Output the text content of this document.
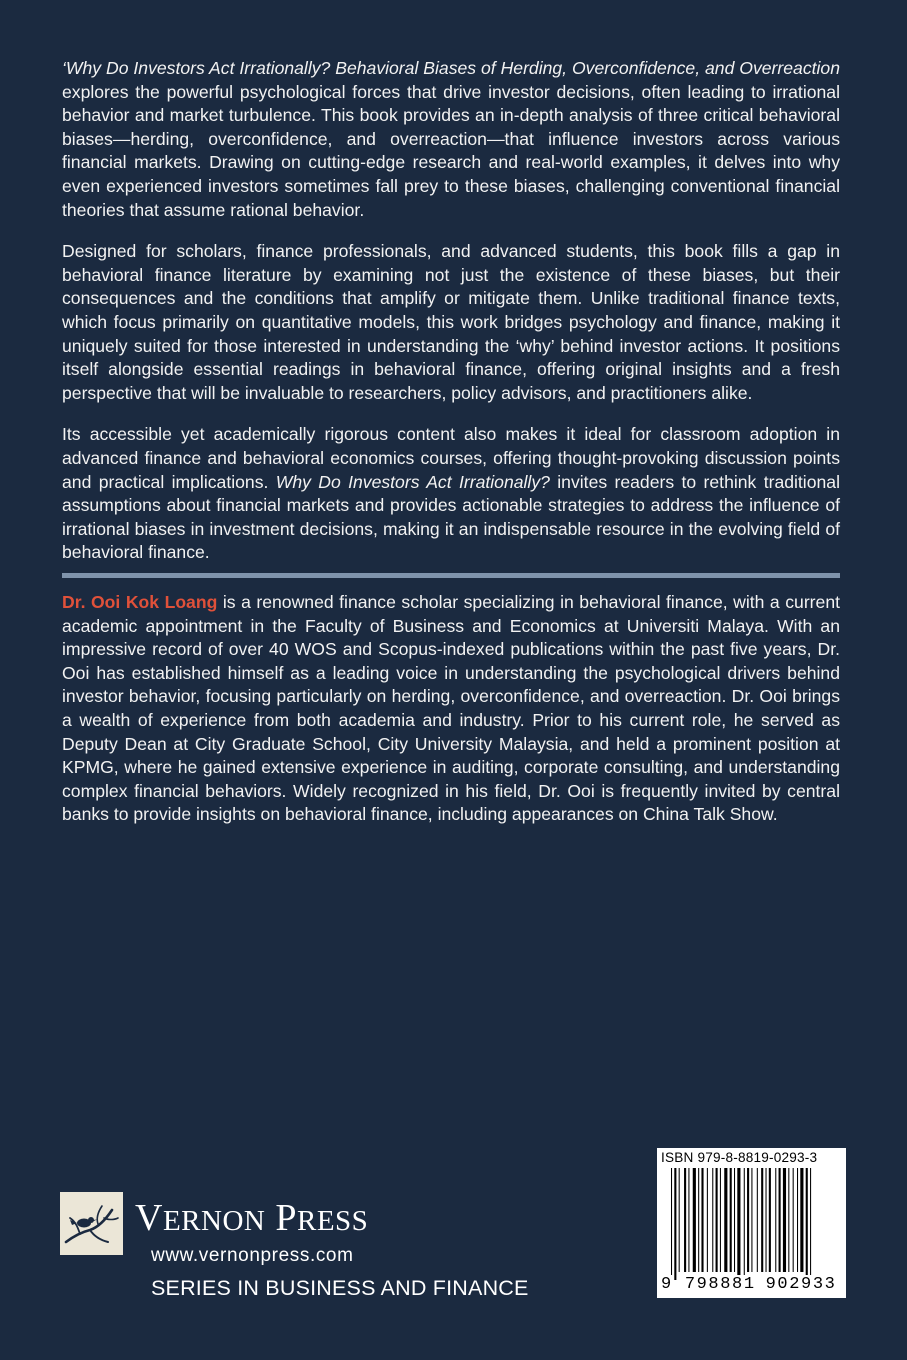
‘Why Do Investors Act Irrationally? Behavioral Biases of Herding, Overconfidence, and Overreaction explores the powerful psychological forces that drive investor decisions, often leading to irrational behavior and market turbulence. This book provides an in-depth analysis of three critical behavioral biases—herding, overconfidence, and overreaction—that influence investors across various financial markets. Drawing on cutting-edge research and real-world examples, it delves into why even experienced investors sometimes fall prey to these biases, challenging conventional financial theories that assume rational behavior.

Designed for scholars, finance professionals, and advanced students, this book fills a gap in behavioral finance literature by examining not just the existence of these biases, but their consequences and the conditions that amplify or mitigate them. Unlike traditional finance texts, which focus primarily on quantitative models, this work bridges psychology and finance, making it uniquely suited for those interested in understanding the ‘why’ behind investor actions. It positions itself alongside essential readings in behavioral finance, offering original insights and a fresh perspective that will be invaluable to researchers, policy advisors, and practitioners alike.

Its accessible yet academically rigorous content also makes it ideal for classroom adoption in advanced finance and behavioral economics courses, offering thought-provoking discussion points and practical implications. Why Do Investors Act Irrationally? invites readers to rethink traditional assumptions about financial markets and provides actionable strategies to address the influence of irrational biases in investment decisions, making it an indispensable resource in the evolving field of behavioral finance.

Dr. Ooi Kok Loang is a renowned finance scholar specializing in behavioral finance, with a current academic appointment in the Faculty of Business and Economics at Universiti Malaya. With an impressive record of over 40 WOS and Scopus-indexed publications within the past five years, Dr. Ooi has established himself as a leading voice in understanding the psychological drivers behind investor behavior, focusing particularly on herding, overconfidence, and overreaction. Dr. Ooi brings a wealth of experience from both academia and industry. Prior to his current role, he served as Deputy Dean at City Graduate School, City University Malaysia, and held a prominent position at KPMG, where he gained extensive experience in auditing, corporate consulting, and understanding complex financial behaviors. Widely recognized in his field, Dr. Ooi is frequently invited by central banks to provide insights on behavioral finance, including appearances on China Talk Show.
VERNON PRESS
www.vernonpress.com
SERIES IN BUSINESS AND FINANCE
ISBN 979-8-8819-0293-3
9 798881 902933
